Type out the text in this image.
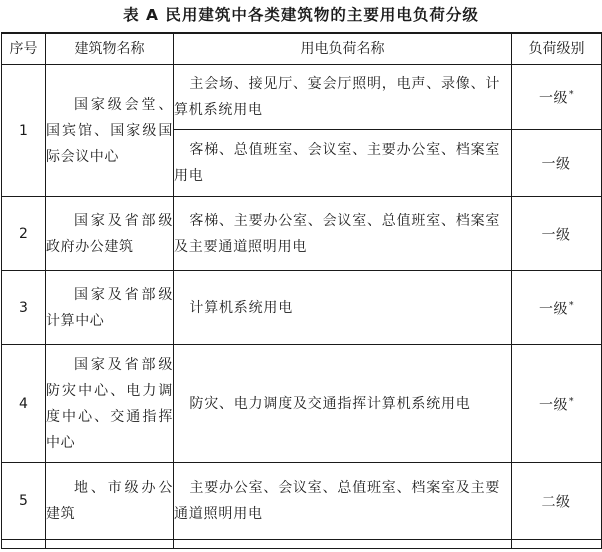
表 A 民用建筑中各类建筑物的主要用电负荷分级
序号	建筑物名称	用电负荷名称	负荷级别
1	国家级会堂、国宾馆、国家级国际会议中心	主会场、接见厅、宴会厅照明，电声、录像、计算机系统用电	一级*

		客梯、总值班室、会议室、主要办公室、档案室用电	一级
2	国家及省部级政府办公建筑	客梯、主要办公室、会议室、总值班室、档案室及主要通道照明用电	一级
3	国家及省部级计算中心	计算机系统用电	一级*
4	国家及省部级防灾中心、电力调度中心、交通指挥中心	防灾、电力调度及交通指挥计算机系统用电	一级*
5	地、市级办公建筑	主要办公室、会议室、总值班室、档案室及主要通道照明用电	二级
